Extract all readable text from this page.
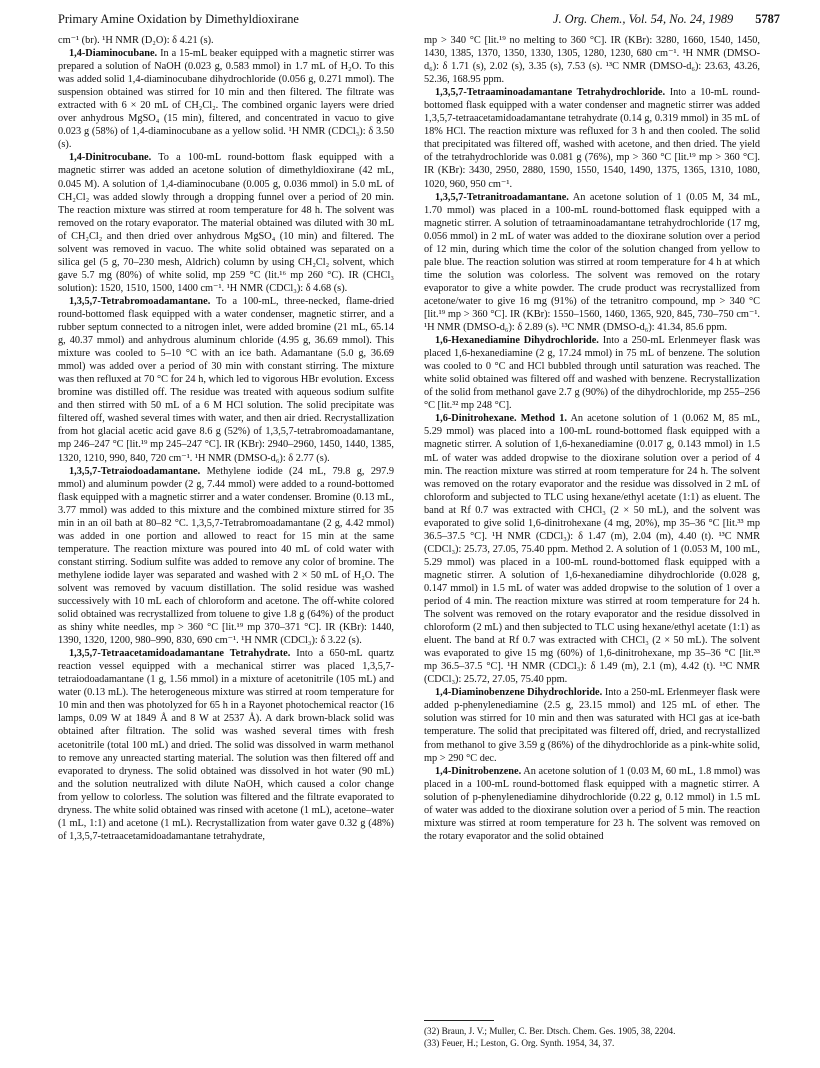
Primary Amine Oxidation by Dimethyldioxirane	J. Org. Chem., Vol. 54, No. 24, 1989 5787

cm⁻¹ (br). ¹H NMR (D₂O): δ 4.21 (s).

1,4-Diaminocubane. In a 15-mL beaker equipped with a magnetic stirrer was prepared a solution of NaOH (0.023 g, 0.583 mmol) in 1.7 mL of H₂O. To this was added solid 1,4-diaminocubane dihydrochloride (0.056 g, 0.271 mmol). The suspension obtained was stirred for 10 min and then filtered. The filtrate was extracted with 6 × 20 mL of CH₂Cl₂. The combined organic layers were dried over anhydrous MgSO₄ (15 min), filtered, and concentrated in vacuo to give 0.023 g (58%) of 1,4-diaminocubane as a yellow solid. ¹H NMR (CDCl₃): δ 3.50 (s).

1,4-Dinitrocubane. To a 100-mL round-bottom flask equipped with a magnetic stirrer was added an acetone solution of dimethyldioxirane (42 mL, 0.045 M). A solution of 1,4-diaminocubane (0.005 g, 0.036 mmol) in 5.0 mL of CH₂Cl₂ was added slowly through a dropping funnel over a period of 20 min. The reaction mixture was stirred at room temperature for 48 h. The solvent was removed on the rotary evaporator. The material obtained was diluted with 30 mL of CH₂Cl₂ and then dried over anhydrous MgSO₄ (10 min) and filtered. The solvent was removed in vacuo. The white solid obtained was separated on a silica gel (5 g, 70–230 mesh, Aldrich) column by using CH₂Cl₂ solvent, which gave 5.7 mg (80%) of white solid, mp 259 °C (lit.¹⁶ mp 260 °C). IR (CHCl₃ solution): 1520, 1510, 1500, 1400 cm⁻¹. ¹H NMR (CDCl₃): δ 4.68 (s).

1,3,5,7-Tetrabromoadamantane. To a 100-mL, three-necked, flame-dried round-bottomed flask equipped with a water condenser, magnetic stirrer, and a rubber septum connected to a nitrogen inlet, were added bromine (21 mL, 65.14 g, 40.37 mmol) and anhydrous aluminum chloride (4.95 g, 36.69 mmol). This mixture was cooled to 5–10 °C with an ice bath. Adamantane (5.0 g, 36.69 mmol) was added over a period of 30 min with constant stirring. The mixture was then refluxed at 70 °C for 24 h, which led to vigorous HBr evolution. Excess bromine was distilled off. The residue was treated with aqueous sodium sulfite and then stirred with 50 mL of a 6 M HCl solution. The solid precipitate was filtered off, washed several times with water, and then air dried. Recrystallization from hot glacial acetic acid gave 8.6 g (52%) of 1,3,5,7-tetrabromoadamantane, mp 246–247 °C [lit.¹⁹ mp 245–247 °C]. IR (KBr): 2940–2960, 1450, 1440, 1385, 1320, 1210, 990, 840, 720 cm⁻¹. ¹H NMR (DMSO-d₆): δ 2.77 (s).

1,3,5,7-Tetraiodoadamantane. Methylene iodide (24 mL, 79.8 g, 297.9 mmol) and aluminum powder (2 g, 7.44 mmol) were added to a round-bottomed flask equipped with a magnetic stirrer and a water condenser. Bromine (0.13 mL, 3.77 mmol) was added to this mixture and the combined mixture stirred for 35 min in an oil bath at 80–82 °C. 1,3,5,7-Tetrabromoadamantane (2 g, 4.42 mmol) was added in one portion and allowed to react for 15 min at the same temperature. The reaction mixture was poured into 40 mL of cold water with constant stirring. Sodium sulfite was added to remove any color of bromine. The methylene iodide layer was separated and washed with 2 × 50 mL of H₂O. The solvent was removed by vacuum distillation. The solid residue was washed successively with 10 mL each of chloroform and acetone. The off-white colored solid obtained was recrystallized from toluene to give 1.8 g (64%) of the product as shiny white needles, mp > 360 °C [lit.¹⁹ mp 370–371 °C]. IR (KBr): 1440, 1390, 1320, 1200, 980–990, 830, 690 cm⁻¹. ¹H NMR (CDCl₃): δ 3.22 (s).

1,3,5,7-Tetraacetamidoadamantane Tetrahydrate. Into a 650-mL quartz reaction vessel equipped with a mechanical stirrer was placed 1,3,5,7-tetraiodoadamantane (1 g, 1.56 mmol) in a mixture of acetonitrile (105 mL) and water (0.13 mL). The heterogeneous mixture was stirred at room temperature for 10 min and then was photolyzed for 65 h in a Rayonet photochemical reactor (16 lamps, 0.09 W at 1849 Å and 8 W at 2537 Å). A dark brown-black solid was obtained after filtration. The solid was washed several times with fresh acetonitrile (total 100 mL) and dried. The solid was dissolved in warm methanol to remove any unreacted starting material. The solution was then filtered off and evaporated to dryness. The solid obtained was dissolved in hot water (90 mL) and the solution neutralized with dilute NaOH, which caused a color change from yellow to colorless. The solution was filtered and the filtrate evaporated to dryness. The white solid obtained was rinsed with acetone (1 mL), acetone–water (1 mL, 1:1) and acetone (1 mL). Recrystallization from water gave 0.32 g (48%) of 1,3,5,7-tetraacetamidoadamantane tetrahydrate,

mp > 340 °C [lit.¹⁹ no melting to 360 °C]. IR (KBr): 3280, 1660, 1540, 1450, 1430, 1385, 1370, 1350, 1330, 1305, 1280, 1230, 680 cm⁻¹. ¹H NMR (DMSO-d₆): δ 1.71 (s), 2.02 (s), 3.35 (s), 7.53 (s). ¹³C NMR (DMSO-d₆): 23.63, 43.26, 52.36, 168.95 ppm.

1,3,5,7-Tetraaminoadamantane Tetrahydrochloride. Into a 10-mL round-bottomed flask equipped with a water condenser and magnetic stirrer was added 1,3,5,7-tetraacetamidoadamantane tetrahydrate (0.14 g, 0.319 mmol) in 35 mL of 18% HCl. The reaction mixture was refluxed for 3 h and then cooled. The solid that precipitated was filtered off, washed with acetone, and then dried. The yield of the tetrahydrochloride was 0.081 g (76%), mp > 360 °C [lit.¹⁹ mp > 360 °C]. IR (KBr): 3430, 2950, 2880, 1590, 1550, 1540, 1490, 1375, 1365, 1310, 1080, 1020, 960, 950 cm⁻¹.

1,3,5,7-Tetranitroadamantane. An acetone solution of 1 (0.05 M, 34 mL, 1.70 mmol) was placed in a 100-mL round-bottomed flask equipped with a magnetic stirrer. A solution of tetraaminoadamantane tetrahydrochloride (17 mg, 0.056 mmol) in 2 mL of water was added to the dioxirane solution over a period of 12 min, during which time the color of the solution changed from yellow to pale blue. The reaction solution was stirred at room temperature for 4 h at which time the solution was colorless. The solvent was removed on the rotary evaporator to give a white powder. The crude product was recrystallized from acetone/water to give 16 mg (91%) of the tetranitro compound, mp > 340 °C [lit.¹⁹ mp > 360 °C]. IR (KBr): 1550–1560, 1460, 1365, 920, 845, 730–750 cm⁻¹. ¹H NMR (DMSO-d₆): δ 2.89 (s). ¹³C NMR (DMSO-d₆): 41.34, 85.6 ppm.

1,6-Hexanediamine Dihydrochloride. Into a 250-mL Erlenmeyer flask was placed 1,6-hexanediamine (2 g, 17.24 mmol) in 75 mL of benzene. The solution was cooled to 0 °C and HCl bubbled through until saturation was reached. The white solid obtained was filtered off and washed with benzene. Recrystallization of the solid from methanol gave 2.7 g (90%) of the dihydrochloride, mp 255–256 °C [lit.³² mp 248 °C].

1,6-Dinitrohexane. Method 1. An acetone solution of 1 (0.062 M, 85 mL, 5.29 mmol) was placed into a 100-mL round-bottomed flask equipped with a magnetic stirrer. A solution of 1,6-hexanediamine (0.017 g, 0.143 mmol) in 1.5 mL of water was added dropwise to the dioxirane solution over a period of 4 min. The reaction mixture was stirred at room temperature for 24 h. The solvent was removed on the rotary evaporator and the residue was dissolved in 2 mL of chloroform and subjected to TLC using hexane/ethyl acetate (1:1) as eluent. The band at Rf 0.7 was extracted with CHCl₃ (2 × 50 mL), and the solvent was evaporated to give solid 1,6-dinitrohexane (4 mg, 20%), mp 35–36 °C [lit.³³ mp 36.5–37.5 °C]. ¹H NMR (CDCl₃): δ 1.47 (m), 2.04 (m), 4.40 (t). ¹³C NMR (CDCl₃): 25.73, 27.05, 75.40 ppm. Method 2. A solution of 1 (0.053 M, 100 mL, 5.29 mmol) was placed in a 100-mL round-bottomed flask equipped with a magnetic stirrer. A solution of 1,6-hexanediamine dihydrochloride (0.028 g, 0.147 mmol) in 1.5 mL of water was added dropwise to the solution of 1 over a period of 4 min. The reaction mixture was stirred at room temperature for 24 h. The solvent was removed on the rotary evaporator and the residue dissolved in chloroform (2 mL) and then subjected to TLC using hexane/ethyl acetate (1:1) as eluent. The band at Rf 0.7 was extracted with CHCl₃ (2 × 50 mL). The solvent was evaporated to give 15 mg (60%) of 1,6-dinitrohexane, mp 35–36 °C [lit.³³ mp 36.5–37.5 °C]. ¹H NMR (CDCl₃): δ 1.49 (m), 2.1 (m), 4.42 (t). ¹³C NMR (CDCl₃): 25.72, 27.05, 75.40 ppm.

1,4-Diaminobenzene Dihydrochloride. Into a 250-mL Erlenmeyer flask were added p-phenylenediamine (2.5 g, 23.15 mmol) and 125 mL of ether. The solution was stirred for 10 min and then was saturated with HCl gas at ice-bath temperature. The solid that precipitated was filtered off, dried, and recrystallized from methanol to give 3.59 g (86%) of the dihydrochloride as a pink-white solid, mp > 290 °C dec.

1,4-Dinitrobenzene. An acetone solution of 1 (0.03 M, 60 mL, 1.8 mmol) was placed in a 100-mL round-bottomed flask equipped with a magnetic stirrer. A solution of p-phenylenediamine dihydrochloride (0.22 g, 0.12 mmol) in 1.5 mL of water was added to the dioxirane solution over a period of 5 min. The reaction mixture was stirred at room temperature for 23 h. The solvent was removed on the rotary evaporator and the solid obtained

(32) Braun, J. V.; Muller, C. Ber. Dtsch. Chem. Ges. 1905, 38, 2204.

(33) Feuer, H.; Leston, G. Org. Synth. 1954, 34, 37.
